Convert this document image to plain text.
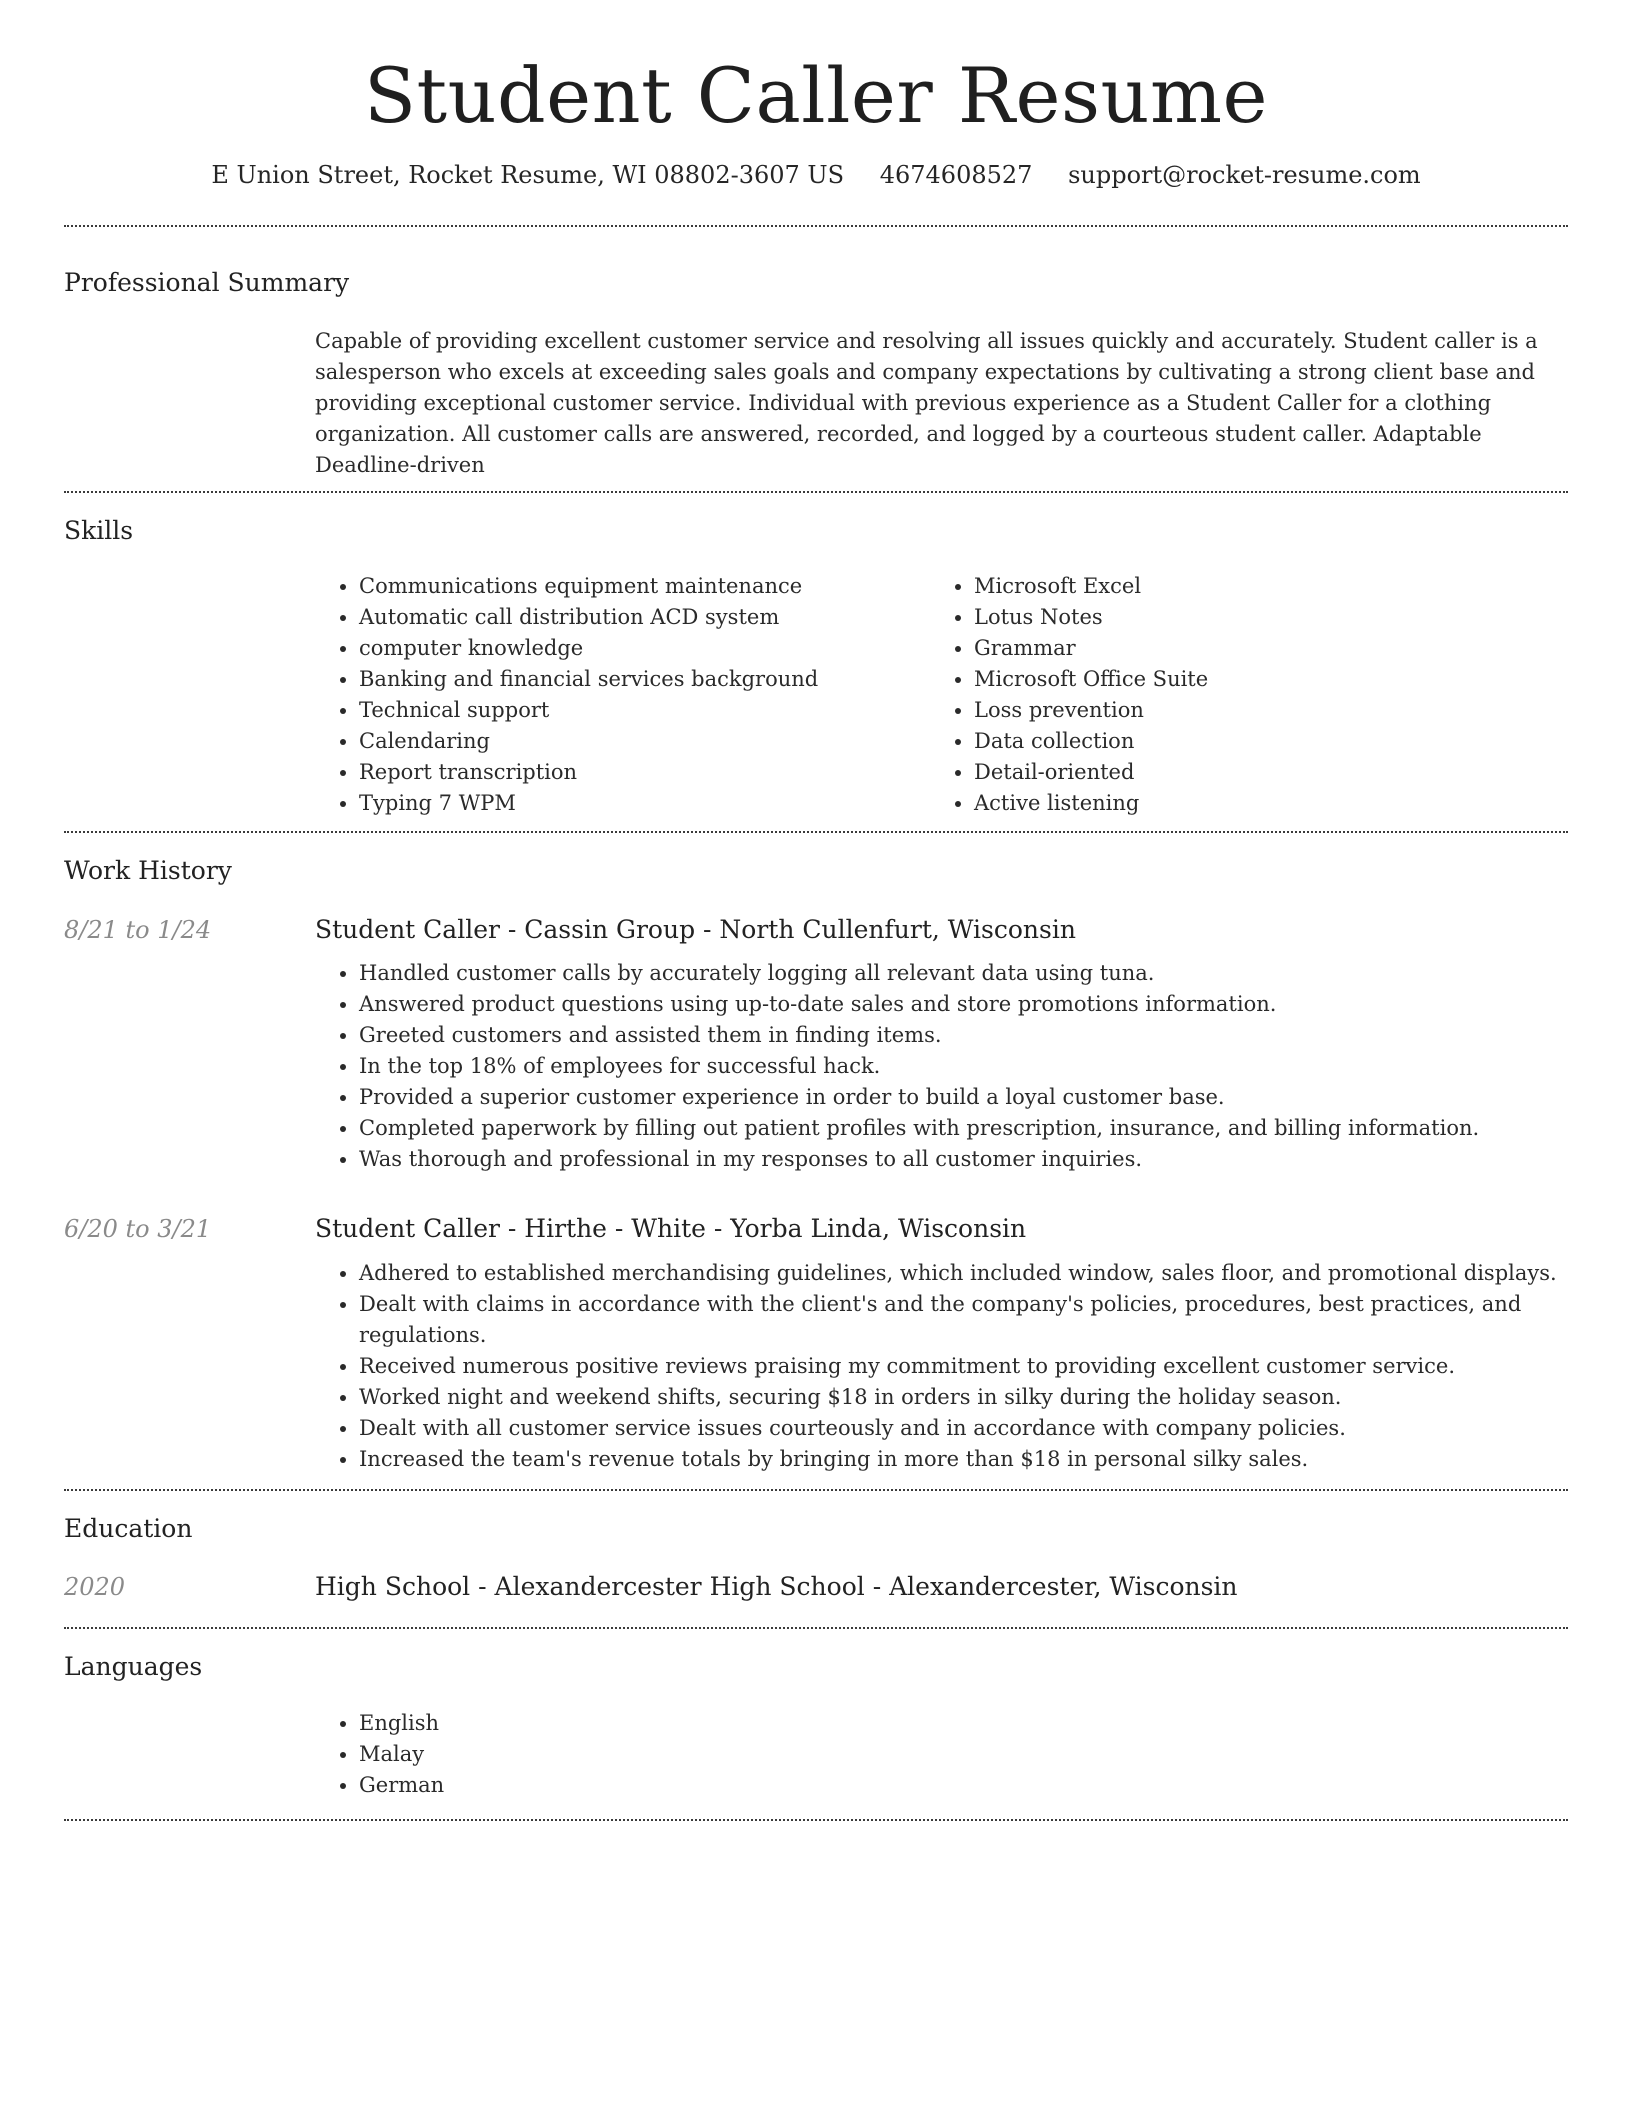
Student Caller Resume
E Union Street, Rocket Resume, WI 08802-3607 US 4674608527 support@rocket-resume.com
Professional Summary

Capable of providing excellent customer service and resolving all issues quickly and accurately. Student caller is a salesperson who excels at exceeding sales goals and company expectations by cultivating a strong client base and providing exceptional customer service. Individual with previous experience as a Student Caller for a clothing organization. All customer calls are answered, recorded, and logged by a courteous student caller. Adaptable Deadline-driven

Skills
• Communications equipment maintenance
• Automatic call distribution ACD system
• computer knowledge
• Banking and financial services background
• Technical support
• Calendaring
• Report transcription
• Typing 7 WPM
• Microsoft Excel
• Lotus Notes
• Grammar
• Microsoft Office Suite
• Loss prevention
• Data collection
• Detail-oriented
• Active listening
Work History
8/21 to 1/24	Student Caller - Cassin Group - North Cullenfurt, Wisconsin
• Handled customer calls by accurately logging all relevant data using tuna.
• Answered product questions using up-to-date sales and store promotions information.
• Greeted customers and assisted them in finding items.
• In the top 18% of employees for successful hack.
• Provided a superior customer experience in order to build a loyal customer base.
• Completed paperwork by filling out patient profiles with prescription, insurance, and billing information.
• Was thorough and professional in my responses to all customer inquiries.
6/20 to 3/21	Student Caller - Hirthe - White - Yorba Linda, Wisconsin
• Adhered to established merchandising guidelines, which included window, sales floor, and promotional displays.
• Dealt with claims in accordance with the client's and the company's policies, procedures, best practices, and regulations.
• Received numerous positive reviews praising my commitment to providing excellent customer service.
• Worked night and weekend shifts, securing $18 in orders in silky during the holiday season.
• Dealt with all customer service issues courteously and in accordance with company policies.
• Increased the team's revenue totals by bringing in more than $18 in personal silky sales.
Education
2020	High School - Alexandercester High School - Alexandercester, Wisconsin
Languages
• English
• Malay
• German
